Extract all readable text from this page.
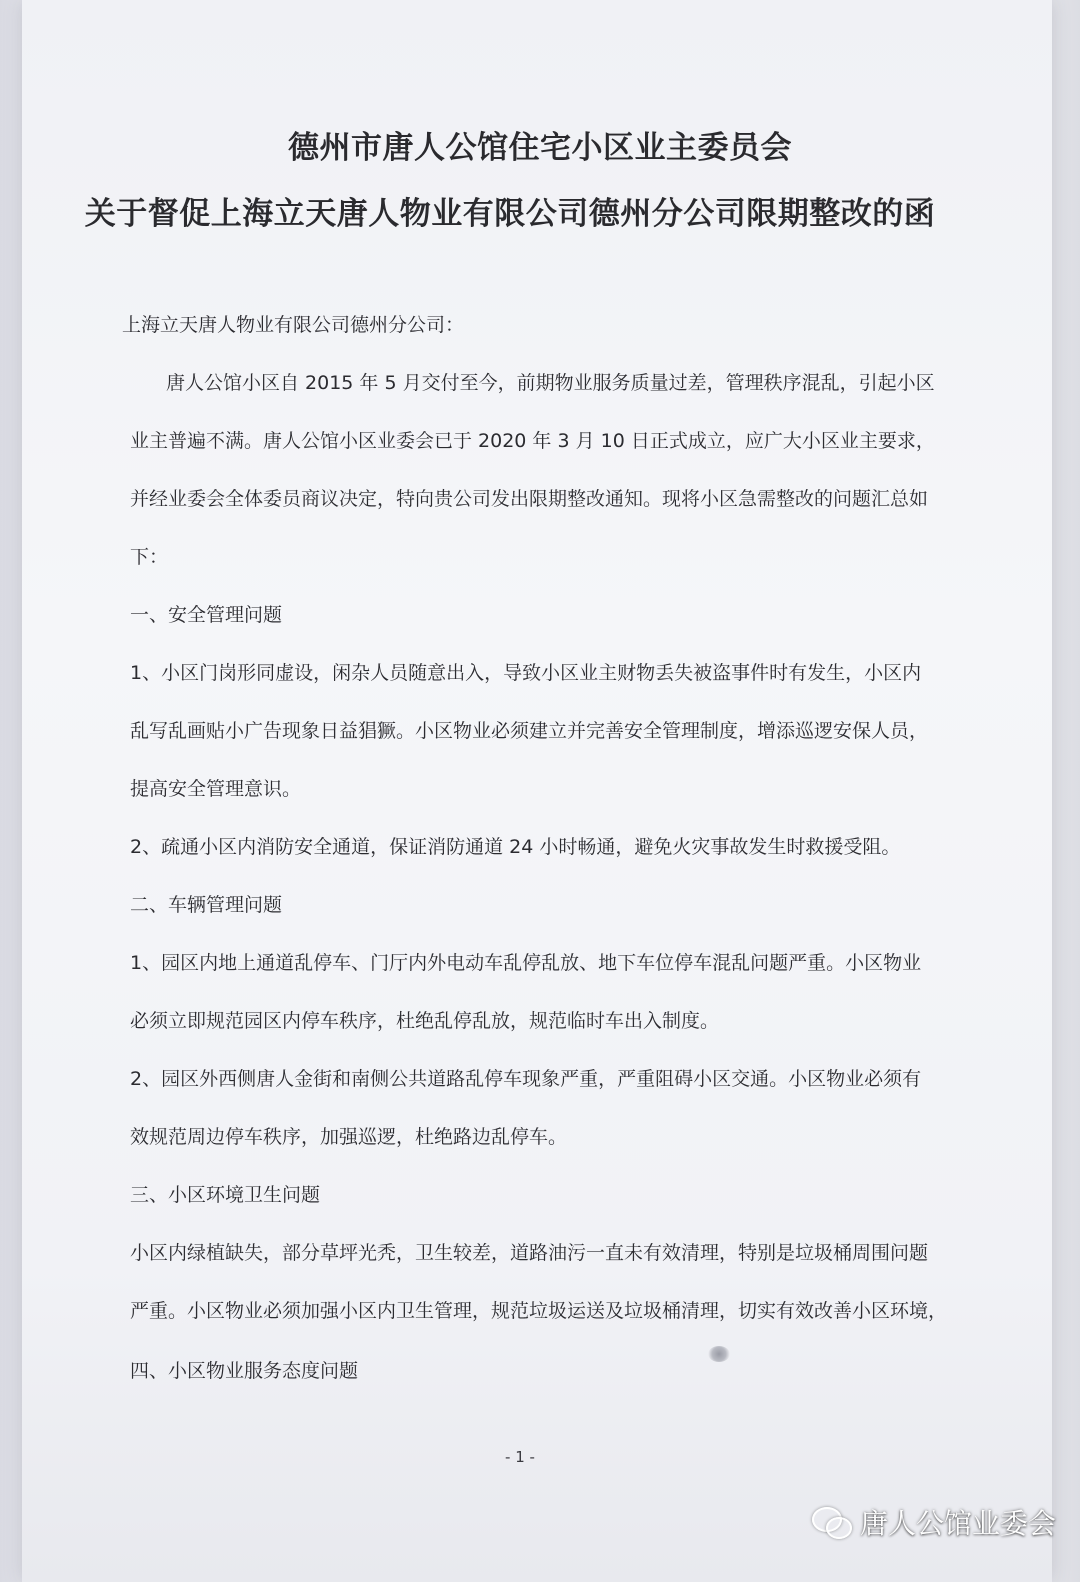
德州市唐人公馆住宅小区业主委员会
关于督促上海立天唐人物业有限公司德州分公司限期整改的函

上海立天唐人物业有限公司德州分公司：

唐人公馆小区自 2015 年 5 月交付至今，前期物业服务质量过差，管理秩序混乱，引起小区

业主普遍不满。唐人公馆小区业委会已于 2020 年 3 月 10 日正式成立，应广大小区业主要求，

并经业委会全体委员商议决定，特向贵公司发出限期整改通知。现将小区急需整改的问题汇总如

下：

一、安全管理问题

1、小区门岗形同虚设，闲杂人员随意出入，导致小区业主财物丢失被盗事件时有发生，小区内

乱写乱画贴小广告现象日益猖獗。小区物业必须建立并完善安全管理制度，增添巡逻安保人员，

提高安全管理意识。

2、疏通小区内消防安全通道，保证消防通道 24 小时畅通，避免火灾事故发生时救援受阻。

二、车辆管理问题

1、园区内地上通道乱停车、门厅内外电动车乱停乱放、地下车位停车混乱问题严重。小区物业

必须立即规范园区内停车秩序，杜绝乱停乱放，规范临时车出入制度。

2、园区外西侧唐人金街和南侧公共道路乱停车现象严重，严重阻碍小区交通。小区物业必须有

效规范周边停车秩序，加强巡逻，杜绝路边乱停车。

三、小区环境卫生问题

小区内绿植缺失，部分草坪光秃，卫生较差，道路油污一直未有效清理，特别是垃圾桶周围问题

严重。小区物业必须加强小区内卫生管理，规范垃圾运送及垃圾桶清理，切实有效改善小区环境，

四、小区物业服务态度问题

- 1 -
唐人公馆业委会
